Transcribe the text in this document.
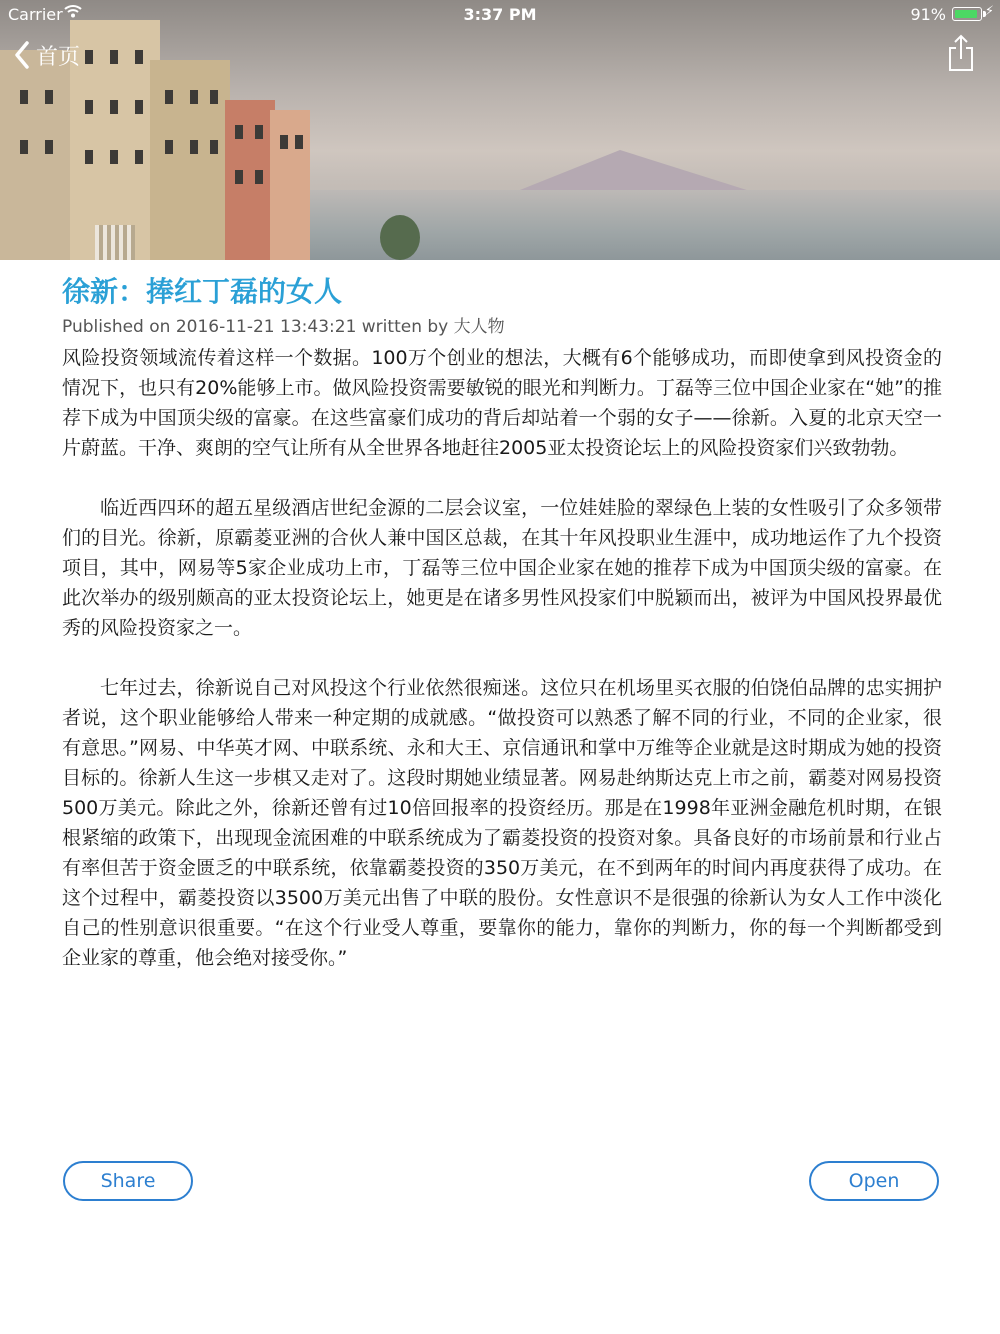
Carrier	3:37 PM	91%	⚡
首页
徐新：捧红丁磊的女人
Published on 2016-11-21 13:43:21 written by 大人物

风险投资领域流传着这样一个数据。100万个创业的想法，大概有6个能够成功，而即使拿到风投资金的情况下，也只有20%能够上市。做风险投资需要敏锐的眼光和判断力。丁磊等三位中国企业家在“她”的推荐下成为中国顶尖级的富豪。在这些富豪们成功的背后却站着一个弱的女子——徐新。入夏的北京天空一片蔚蓝。干净、爽朗的空气让所有从全世界各地赶往2005亚太投资论坛上的风险投资家们兴致勃勃。

临近西四环的超五星级酒店世纪金源的二层会议室，一位娃娃脸的翠绿色上装的女性吸引了众多领带们的目光。徐新，原霸菱亚洲的合伙人兼中国区总裁，在其十年风投职业生涯中，成功地运作了九个投资项目，其中，网易等5家企业成功上市，丁磊等三位中国企业家在她的推荐下成为中国顶尖级的富豪。在此次举办的级别颇高的亚太投资论坛上，她更是在诸多男性风投家们中脱颖而出，被评为中国风投界最优秀的风险投资家之一。

七年过去，徐新说自己对风投这个行业依然很痴迷。这位只在机场里买衣服的伯饶伯品牌的忠实拥护者说，这个职业能够给人带来一种定期的成就感。“做投资可以熟悉了解不同的行业，不同的企业家，很有意思。”网易、中华英才网、中联系统、永和大王、京信通讯和掌中万维等企业就是这时期成为她的投资目标的。徐新人生这一步棋又走对了。这段时期她业绩显著。网易赴纳斯达克上市之前，霸菱对网易投资500万美元。除此之外，徐新还曾有过10倍回报率的投资经历。那是在1998年亚洲金融危机时期，在银根紧缩的政策下，出现现金流困难的中联系统成为了霸菱投资的投资对象。具备良好的市场前景和行业占有率但苦于资金匮乏的中联系统，依靠霸菱投资的350万美元，在不到两年的时间内再度获得了成功。在这个过程中，霸菱投资以3500万美元出售了中联的股份。女性意识不是很强的徐新认为女人工作中淡化自己的性别意识很重要。“在这个行业受人尊重，要靠你的能力，靠你的判断力，你的每一个判断都受到企业家的尊重，他会绝对接受你。”

Share	Open
